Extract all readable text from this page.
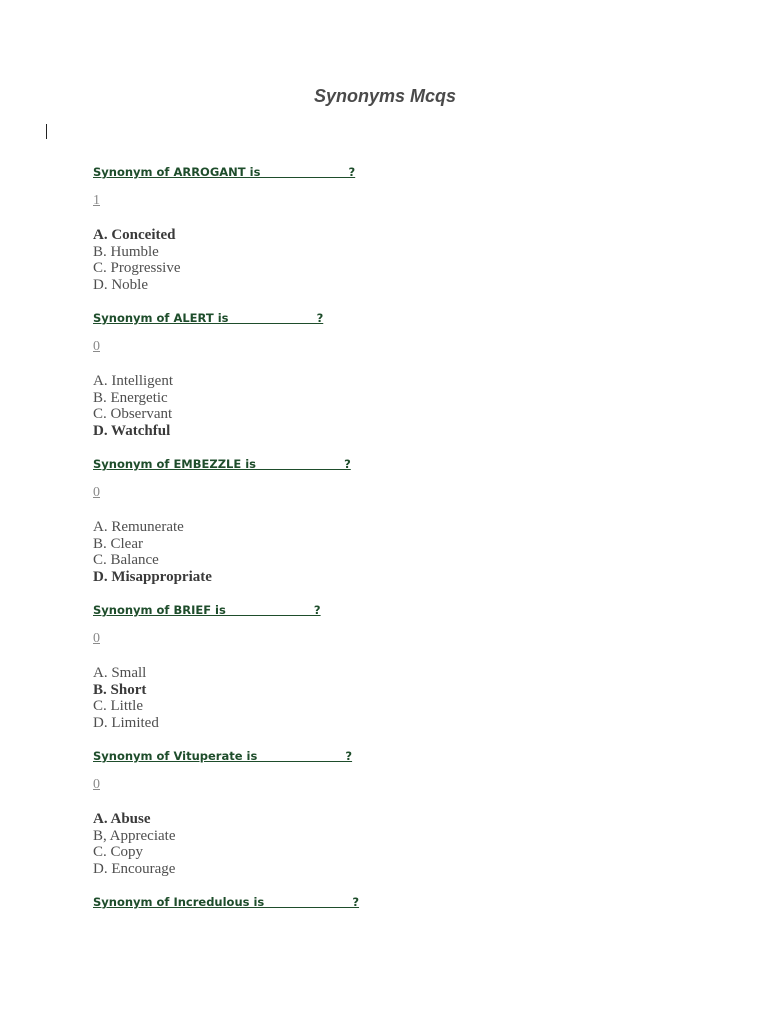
Synonyms Mcqs
Synonym of ARROGANT is                      ?
1
A. Conceited
B. Humble
C. Progressive
D. Noble
Synonym of ALERT is                      ?
0
A. Intelligent
B. Energetic
C. Observant
D. Watchful
Synonym of EMBEZZLE is                      ?
0
A. Remunerate
B. Clear
C. Balance
D. Misappropriate
Synonym of BRIEF is                      ?
0
A. Small
B. Short
C. Little
D. Limited
Synonym of Vituperate is                      ?
0
A. Abuse
B, Appreciate
C. Copy
D. Encourage
Synonym of Incredulous is                      ?
